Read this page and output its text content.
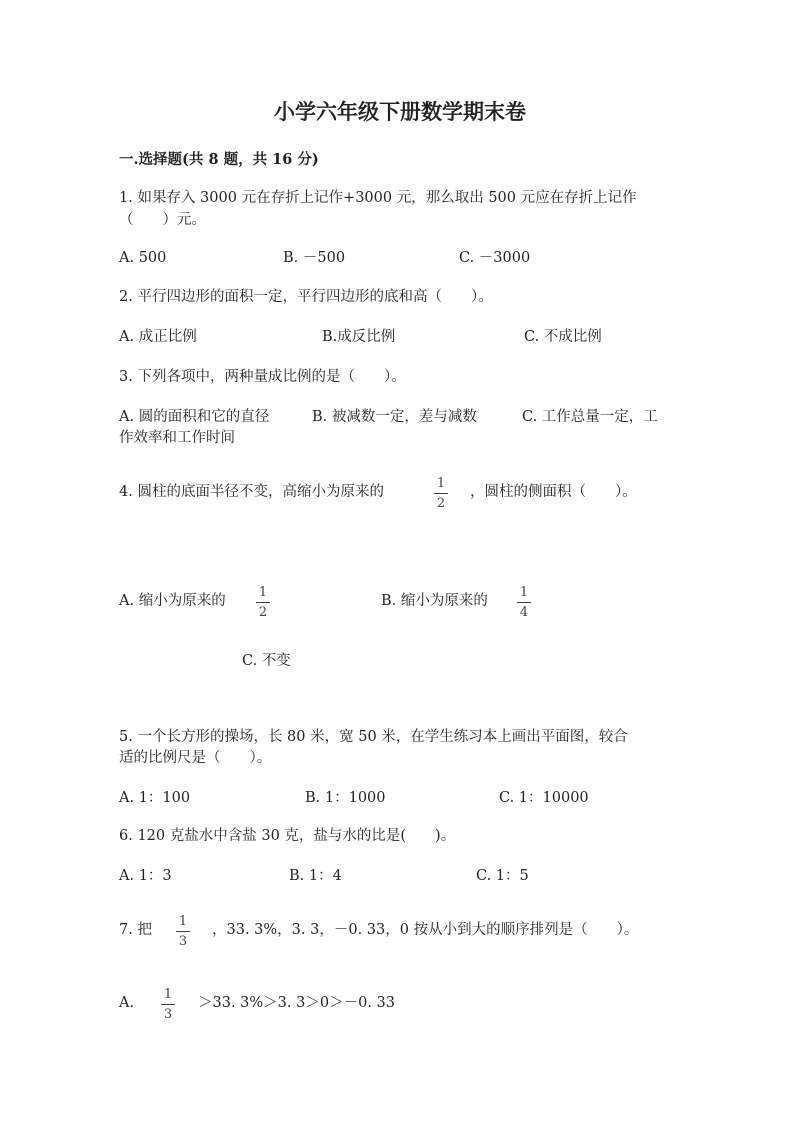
小学六年级下册数学期末卷
一.选择题(共 8 题，共 16 分)
1. 如果存入 3000 元在存折上记作+3000 元，那么取出 500 元应在存折上记作
（　　）元。
A. 500	B. －500	C. －3000
2. 平行四边形的面积一定，平行四边形的底和高（　　）。
A. 成正比例	B.成反比例	C. 不成比例
3. 下列各项中，两种量成比例的是（　　）。
A. 圆的面积和它的直径	B. 被减数一定，差与减数	C. 工作总量一定，工
作效率和工作时间
4. 圆柱的底面半径不变，高缩小为原来的
1
2
，圆柱的侧面积（　　）。
A. 缩小为原来的
1
2
B. 缩小为原来的
1
4
C. 不变
5. 一个长方形的操场，长 80 米，宽 50 米，在学生练习本上画出平面图，较合
适的比例尺是（　　）。
A. 1：100	B. 1：1000	C. 1：10000
6. 120 克盐水中含盐 30 克，盐与水的比是(　　)。
A. 1：3	B. 1：4	C. 1：5
7. 把
1
3
，33. 3%，3. 3，－0. 33，0 按从小到大的顺序排列是（　　）。
A.
1
3
＞33. 3%＞3. 3＞0＞－0. 33
